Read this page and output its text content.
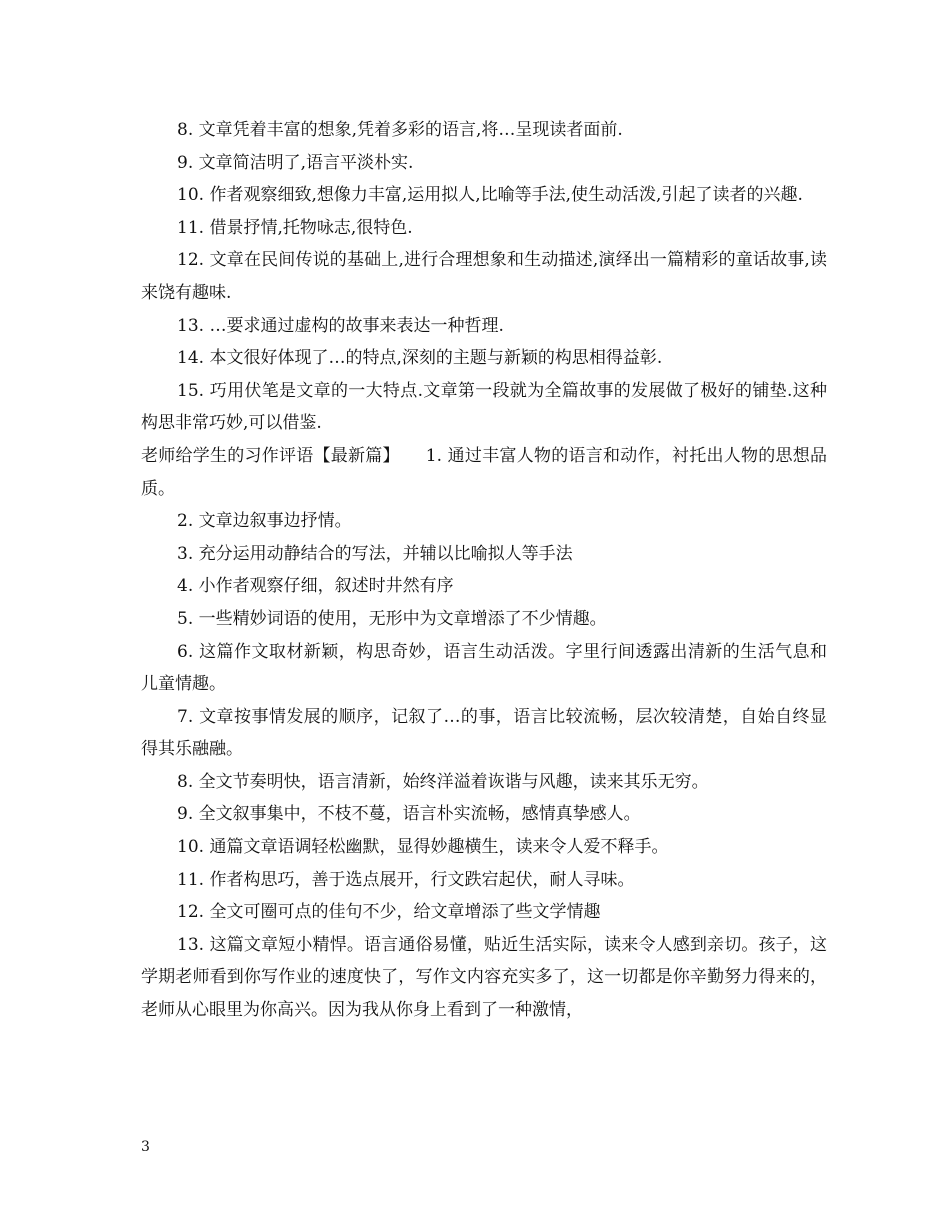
8. 文章凭着丰富的想象,凭着多彩的语言,将…呈现读者面前.

9. 文章简洁明了,语言平淡朴实.

10. 作者观察细致,想像力丰富,运用拟人,比喻等手法,使生动活泼,引起了读者的兴趣.

11. 借景抒情,托物咏志,很特色.

12. 文章在民间传说的基础上,进行合理想象和生动描述,演绎出一篇精彩的童话故事,读来饶有趣味.

13. …要求通过虚构的故事来表达一种哲理.

14. 本文很好体现了…的特点,深刻的主题与新颖的构思相得益彰.

15. 巧用伏笔是文章的一大特点.文章第一段就为全篇故事的发展做了极好的铺垫.这种构思非常巧妙,可以借鉴.

老师给学生的习作评语【最新篇】　　1. 通过丰富人物的语言和动作，衬托出人物的思想品质。

2. 文章边叙事边抒情。

3. 充分运用动静结合的写法，并辅以比喻拟人等手法

4. 小作者观察仔细，叙述时井然有序

5. 一些精妙词语的使用，无形中为文章增添了不少情趣。

6. 这篇作文取材新颖，构思奇妙，语言生动活泼。字里行间透露出清新的生活气息和儿童情趣。

7. 文章按事情发展的顺序，记叙了…的事，语言比较流畅，层次较清楚，自始自终显得其乐融融。

8. 全文节奏明快，语言清新，始终洋溢着诙谐与风趣，读来其乐无穷。

9. 全文叙事集中，不枝不蔓，语言朴实流畅，感情真挚感人。

10. 通篇文章语调轻松幽默，显得妙趣横生，读来令人爱不释手。

11. 作者构思巧，善于选点展开，行文跌宕起伏，耐人寻味。

12. 全文可圈可点的佳句不少，给文章增添了些文学情趣

13. 这篇文章短小精悍。语言通俗易懂，贴近生活实际，读来令人感到亲切。孩子，这学期老师看到你写作业的速度快了，写作文内容充实多了，这一切都是你辛勤努力得来的，老师从心眼里为你高兴。因为我从你身上看到了一种激情，

3
